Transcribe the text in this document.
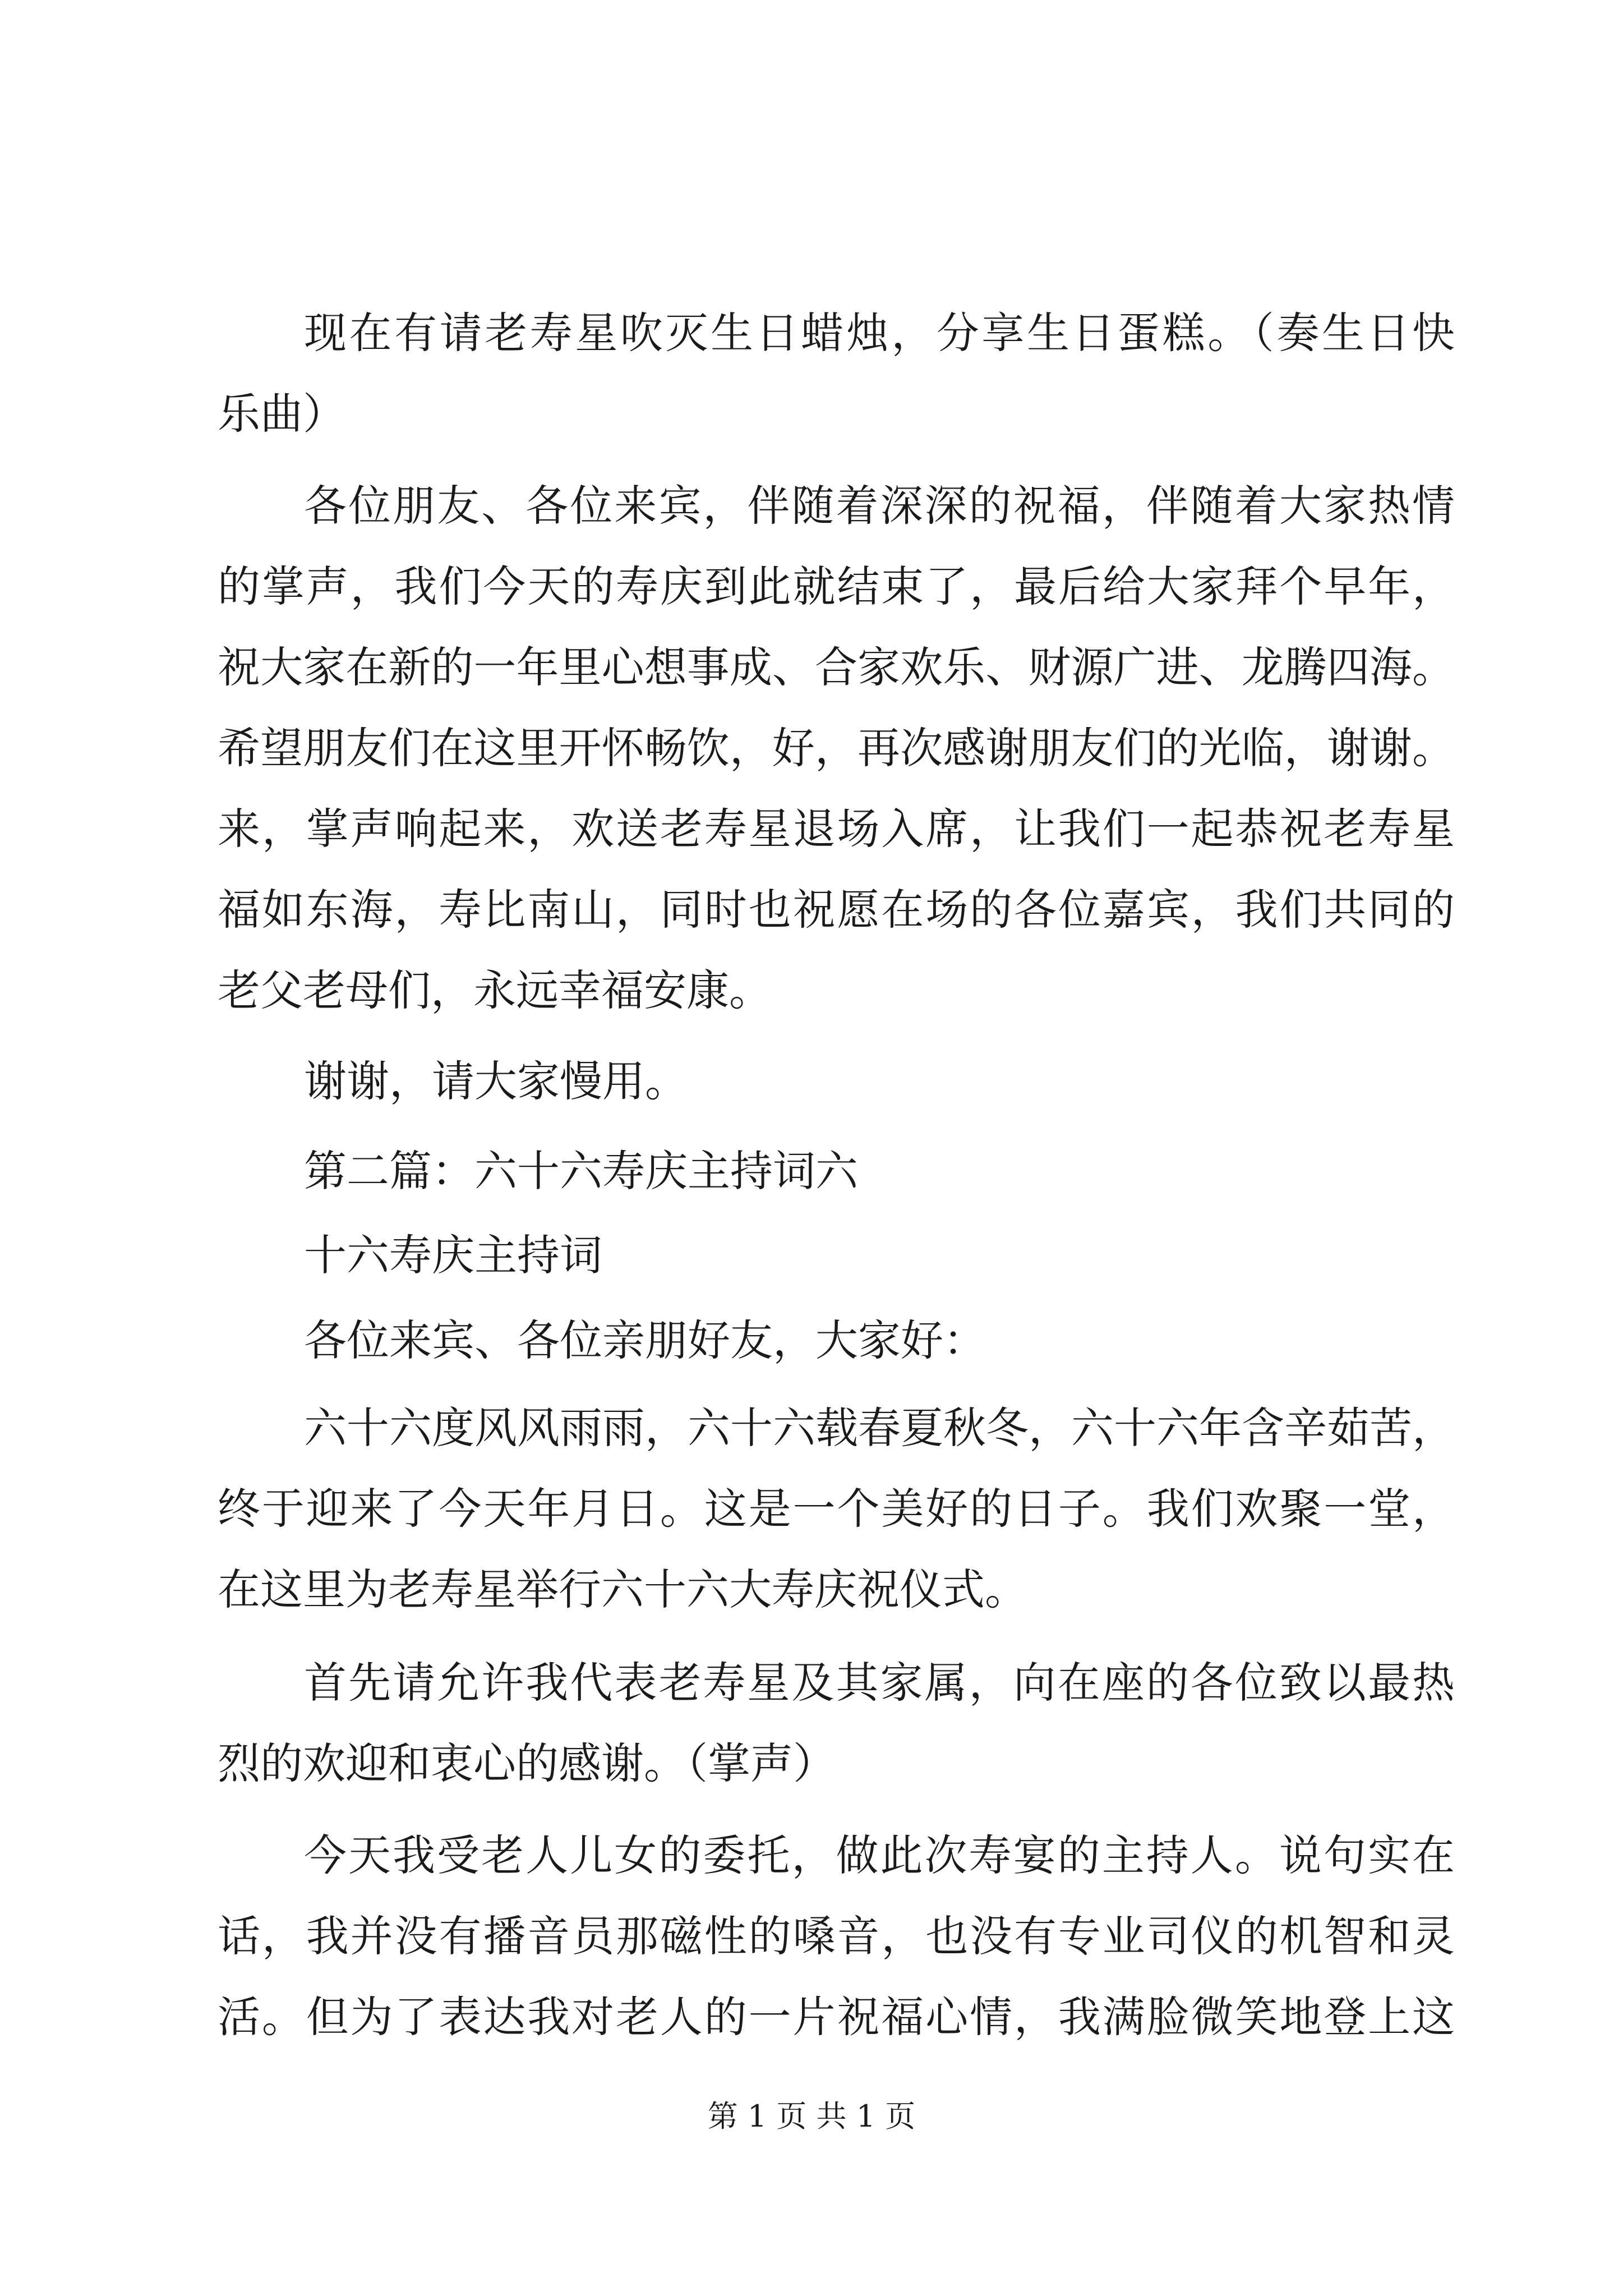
现在有请老寿星吹灭生日蜡烛，分享生日蛋糕。（奏生日快
乐曲）
各位朋友、各位来宾，伴随着深深的祝福，伴随着大家热情
的掌声，我们今天的寿庆到此就结束了，最后给大家拜个早年，
祝大家在新的一年里心想事成、合家欢乐、财源广进、龙腾四海。
希望朋友们在这里开怀畅饮，好，再次感谢朋友们的光临，谢谢。
来，掌声响起来，欢送老寿星退场入席，让我们一起恭祝老寿星
福如东海，寿比南山，同时也祝愿在场的各位嘉宾，我们共同的
老父老母们，永远幸福安康。
谢谢，请大家慢用。
第二篇：六十六寿庆主持词六
十六寿庆主持词
各位来宾、各位亲朋好友，大家好：
六十六度风风雨雨，六十六载春夏秋冬，六十六年含辛茹苦，
终于迎来了今天年月日。这是一个美好的日子。我们欢聚一堂，
在这里为老寿星举行六十六大寿庆祝仪式。
首先请允许我代表老寿星及其家属，向在座的各位致以最热
烈的欢迎和衷心的感谢。（掌声）
今天我受老人儿女的委托，做此次寿宴的主持人。说句实在
话，我并没有播音员那磁性的嗓音，也没有专业司仪的机智和灵
活。但为了表达我对老人的一片祝福心情，我满脸微笑地登上这
第 1 页 共 1 页
